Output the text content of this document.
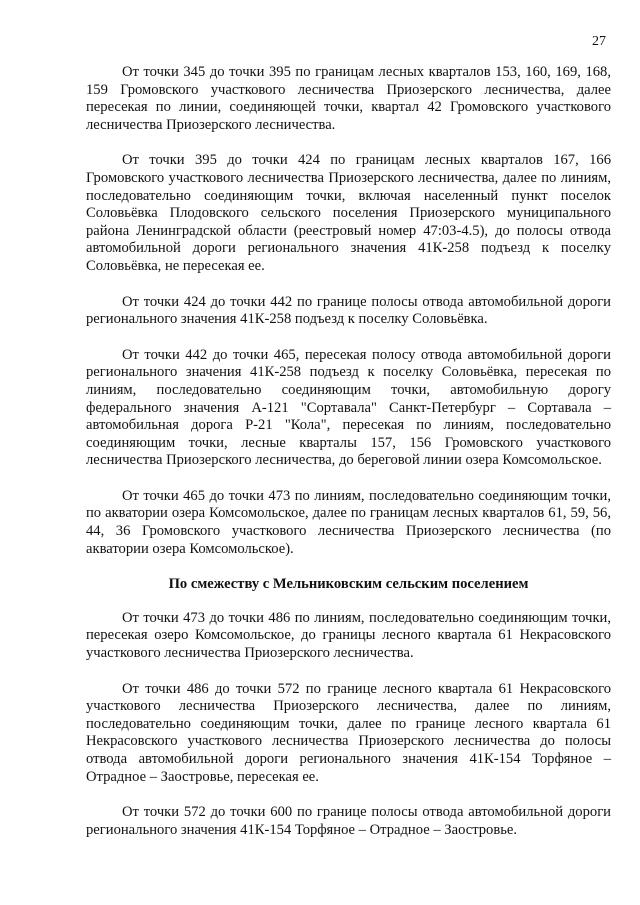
27

От точки 345 до точки 395 по границам лесных кварталов 153, 160, 169, 168, 159 Громовского участкового лесничества Приозерского лесничества, далее пересекая по линии, соединяющей точки, квартал 42 Громовского участкового лесничества Приозерского лесничества.

От точки 395 до точки 424 по границам лесных кварталов 167, 166 Громовского участкового лесничества Приозерского лесничества, далее по линиям, последовательно соединяющим точки, включая населенный пункт поселок Соловьёвка Плодовского сельского поселения Приозерского муниципального района Ленинградской области (реестровый номер 47:03-4.5), до полосы отвода автомобильной дороги регионального значения 41К-258 подъезд к поселку Соловьёвка, не пересекая ее.

От точки 424 до точки 442 по границе полосы отвода автомобильной дороги регионального значения 41К-258 подъезд к поселку Соловьёвка.

От точки 442 до точки 465, пересекая полосу отвода автомобильной дороги регионального значения 41К-258 подъезд к поселку Соловьёвка, пересекая по линиям, последовательно соединяющим точки, автомобильную дорогу федерального значения А-121 "Сортавала" Санкт-Петербург – Сортавала – автомобильная дорога Р-21 "Кола", пересекая по линиям, последовательно соединяющим точки, лесные кварталы 157, 156 Громовского участкового лесничества Приозерского лесничества, до береговой линии озера Комсомольское.

От точки 465 до точки 473 по линиям, последовательно соединяющим точки, по акватории озера Комсомольское, далее по границам лесных кварталов 61, 59, 56, 44, 36 Громовского участкового лесничества Приозерского лесничества (по акватории озера Комсомольское).

По смежеству с Мельниковским сельским поселением

От точки 473 до точки 486 по линиям, последовательно соединяющим точки, пересекая озеро Комсомольское, до границы лесного квартала 61 Некрасовского участкового лесничества Приозерского лесничества.

От точки 486 до точки 572 по границе лесного квартала 61 Некрасовского участкового лесничества Приозерского лесничества, далее по линиям, последовательно соединяющим точки, далее по границе лесного квартала 61 Некрасовского участкового лесничества Приозерского лесничества до полосы отвода автомобильной дороги регионального значения 41К-154 Торфяное – Отрадное – Заостровье, пересекая ее.

От точки 572 до точки 600 по границе полосы отвода автомобильной дороги регионального значения 41К-154 Торфяное – Отрадное – Заостровье.
